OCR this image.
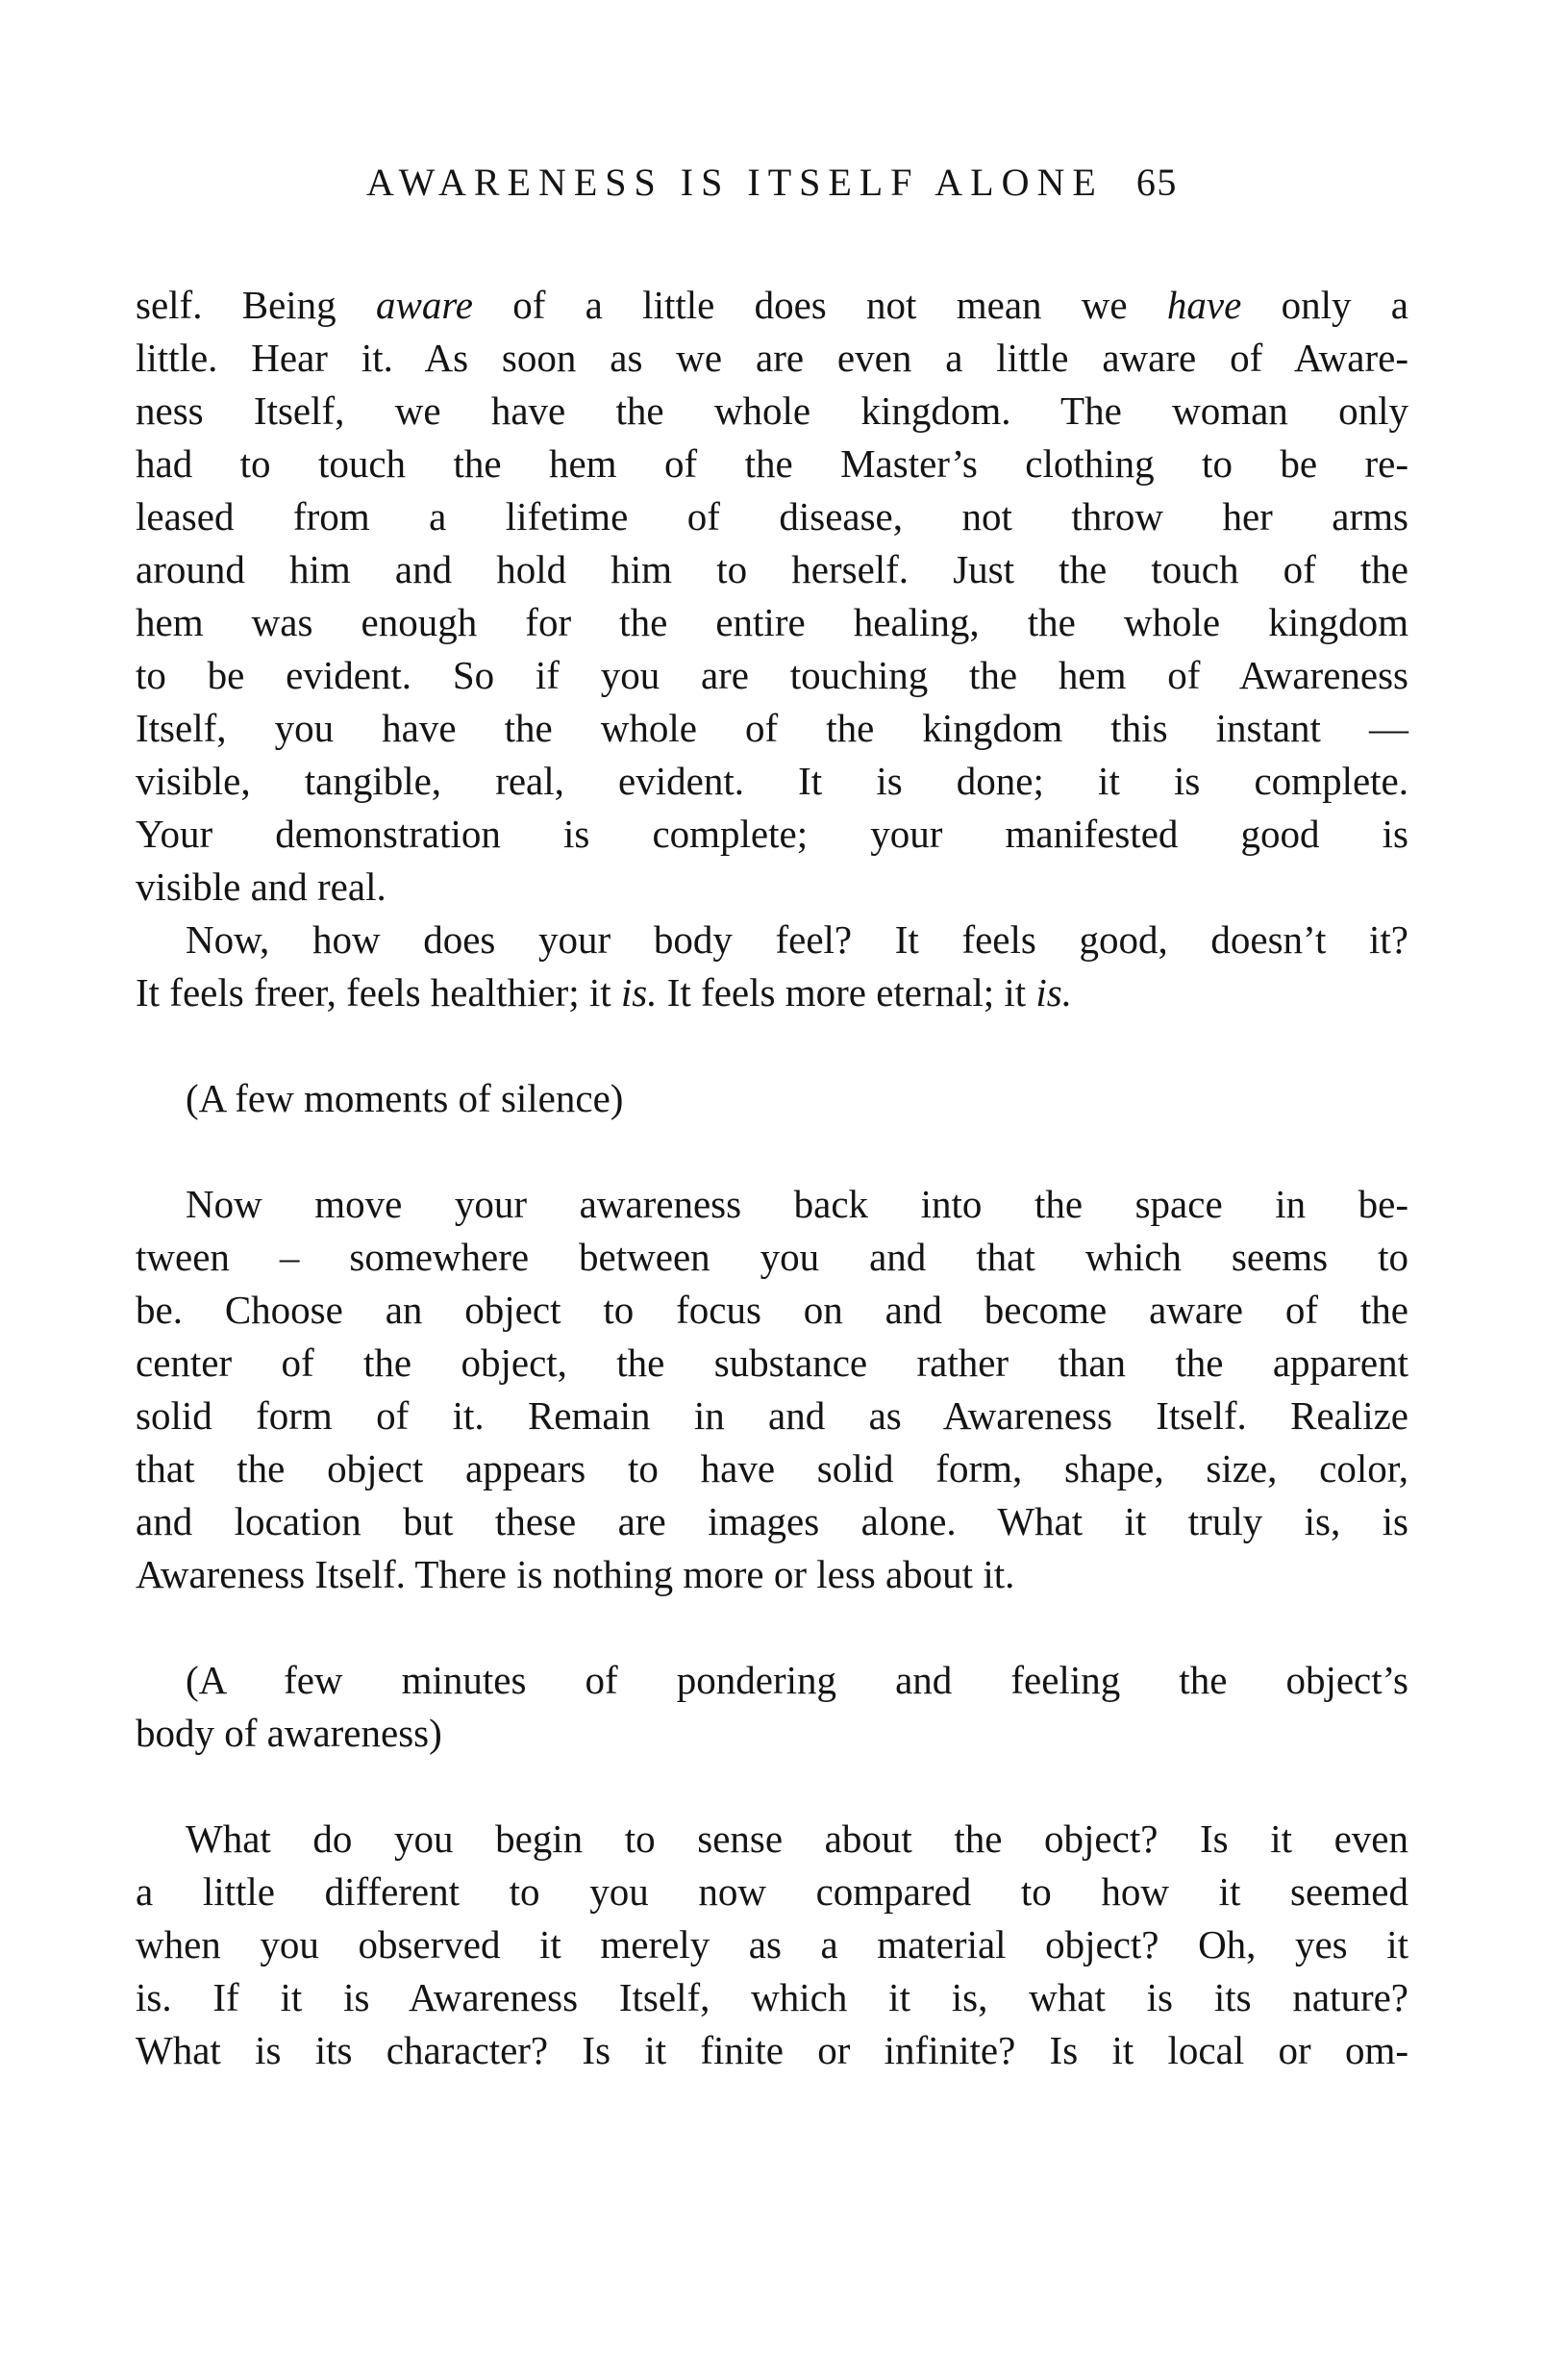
AWARENESS IS ITSELF ALONE 65
self. Being aware of a little does not mean we have only a
little. Hear it. As soon as we are even a little aware of Aware-
ness Itself, we have the whole kingdom. The woman only
had to touch the hem of the Master’s clothing to be re-
leased from a lifetime of disease, not throw her arms
around him and hold him to herself. Just the touch of the
hem was enough for the entire healing, the whole kingdom
to be evident. So if you are touching the hem of Awareness
Itself, you have the whole of the kingdom this instant —
visible, tangible, real, evident. It is done; it is complete.
Your demonstration is complete; your manifested good is
visible and real.
Now, how does your body feel? It feels good, doesn’t it?
It feels freer, feels healthier; it is. It feels more eternal; it is.
(A few moments of silence)
Now move your awareness back into the space in be-
tween – somewhere between you and that which seems to
be. Choose an object to focus on and become aware of the
center of the object, the substance rather than the apparent
solid form of it. Remain in and as Awareness Itself. Realize
that the object appears to have solid form, shape, size, color,
and location but these are images alone. What it truly is, is
Awareness Itself. There is nothing more or less about it.
(A few minutes of pondering and feeling the object’s
body of awareness)
What do you begin to sense about the object? Is it even
a little different to you now compared to how it seemed
when you observed it merely as a material object? Oh, yes it
is. If it is Awareness Itself, which it is, what is its nature?
What is its character? Is it finite or infinite? Is it local or om-
